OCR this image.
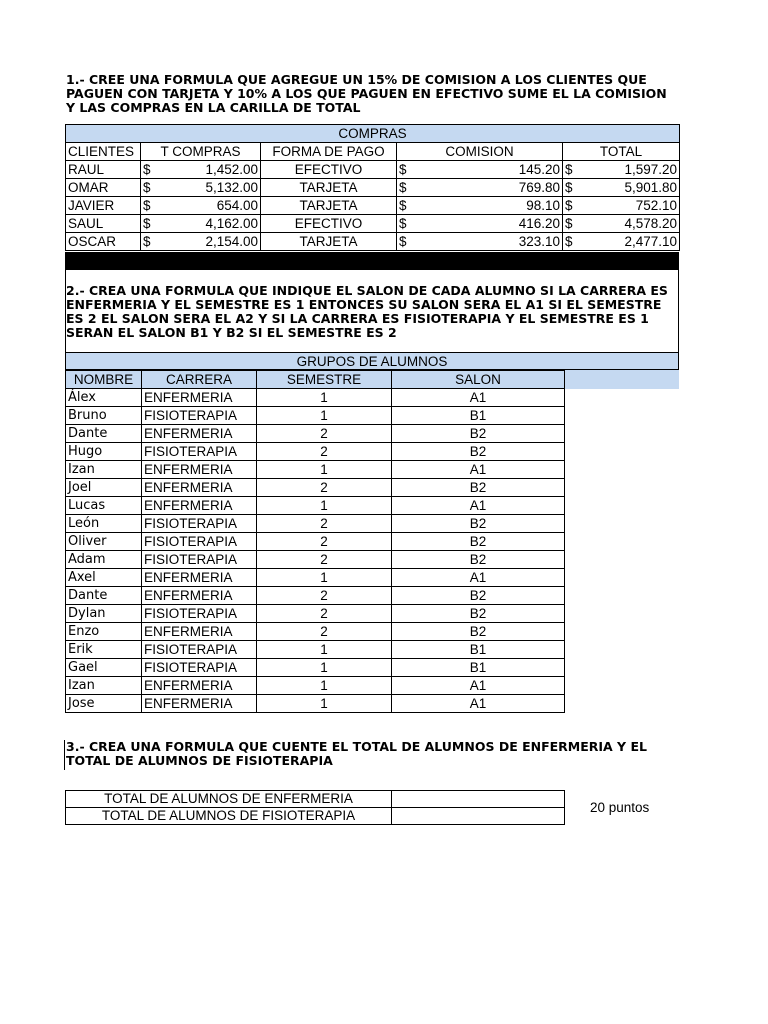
1.- CREE UNA FORMULA QUE AGREGUE UN 15% DE COMISION A LOS CLIENTES QUE PAGUEN CON TARJETA Y 10% A LOS QUE PAGUEN EN EFECTIVO SUME EL LA COMISION Y LAS COMPRAS EN LA CARILLA DE TOTAL
COMPRAS				
CLIENTES	T COMPRAS	FORMA DE PAGO	COMISION	TOTAL
RAUL	$ 1,452.00	EFECTIVO	$ 145.20	$ 1,597.20

OMAR	$ 5,132.00	TARJETA	$ 769.80	$ 5,901.80

JAVIER	$ 654.00	TARJETA	$ 98.10	$ 752.10

SAUL	$ 4,162.00	EFECTIVO	$ 416.20	$ 4,578.20

OSCAR	$ 2,154.00	TARJETA	$ 323.10	$ 2,477.10
2.- CREA UNA FORMULA QUE INDIQUE EL SALON DE CADA ALUMNO SI LA CARRERA ES ENFERMERIA Y EL SEMESTRE ES 1 ENTONCES SU SALON SERA EL A1 SI EL SEMESTRE ES 2 EL SALON SERA EL A2 Y SI LA CARRERA ES FISIOTERAPIA Y EL SEMESTRE ES 1 SERAN EL SALON B1 Y B2 SI EL SEMESTRE ES 2
GRUPOS DE ALUMNOS
NOMBRE	CARRERA	SEMESTRE	SALON
Álex	ENFERMERIA	1	A1
Bruno	FISIOTERAPIA	1	B1
Dante	ENFERMERIA	2	B2
Hugo	FISIOTERAPIA	2	B2
Izan	ENFERMERIA	1	A1
Joel	ENFERMERIA	2	B2
Lucas	ENFERMERIA	1	A1
León	FISIOTERAPIA	2	B2
Oliver	FISIOTERAPIA	2	B2
Adam	FISIOTERAPIA	2	B2
Axel	ENFERMERIA	1	A1
Dante	ENFERMERIA	2	B2
Dylan	FISIOTERAPIA	2	B2
Enzo	ENFERMERIA	2	B2
Erik	FISIOTERAPIA	1	B1
Gael	FISIOTERAPIA	1	B1
Izan	ENFERMERIA	1	A1
Jose	ENFERMERIA	1	A1
3.- CREA UNA FORMULA QUE CUENTE EL TOTAL DE ALUMNOS DE ENFERMERIA Y EL TOTAL DE ALUMNOS DE FISIOTERAPIA
TOTAL DE ALUMNOS DE ENFERMERIA	
TOTAL DE ALUMNOS DE FISIOTERAPIA	
20 puntos
